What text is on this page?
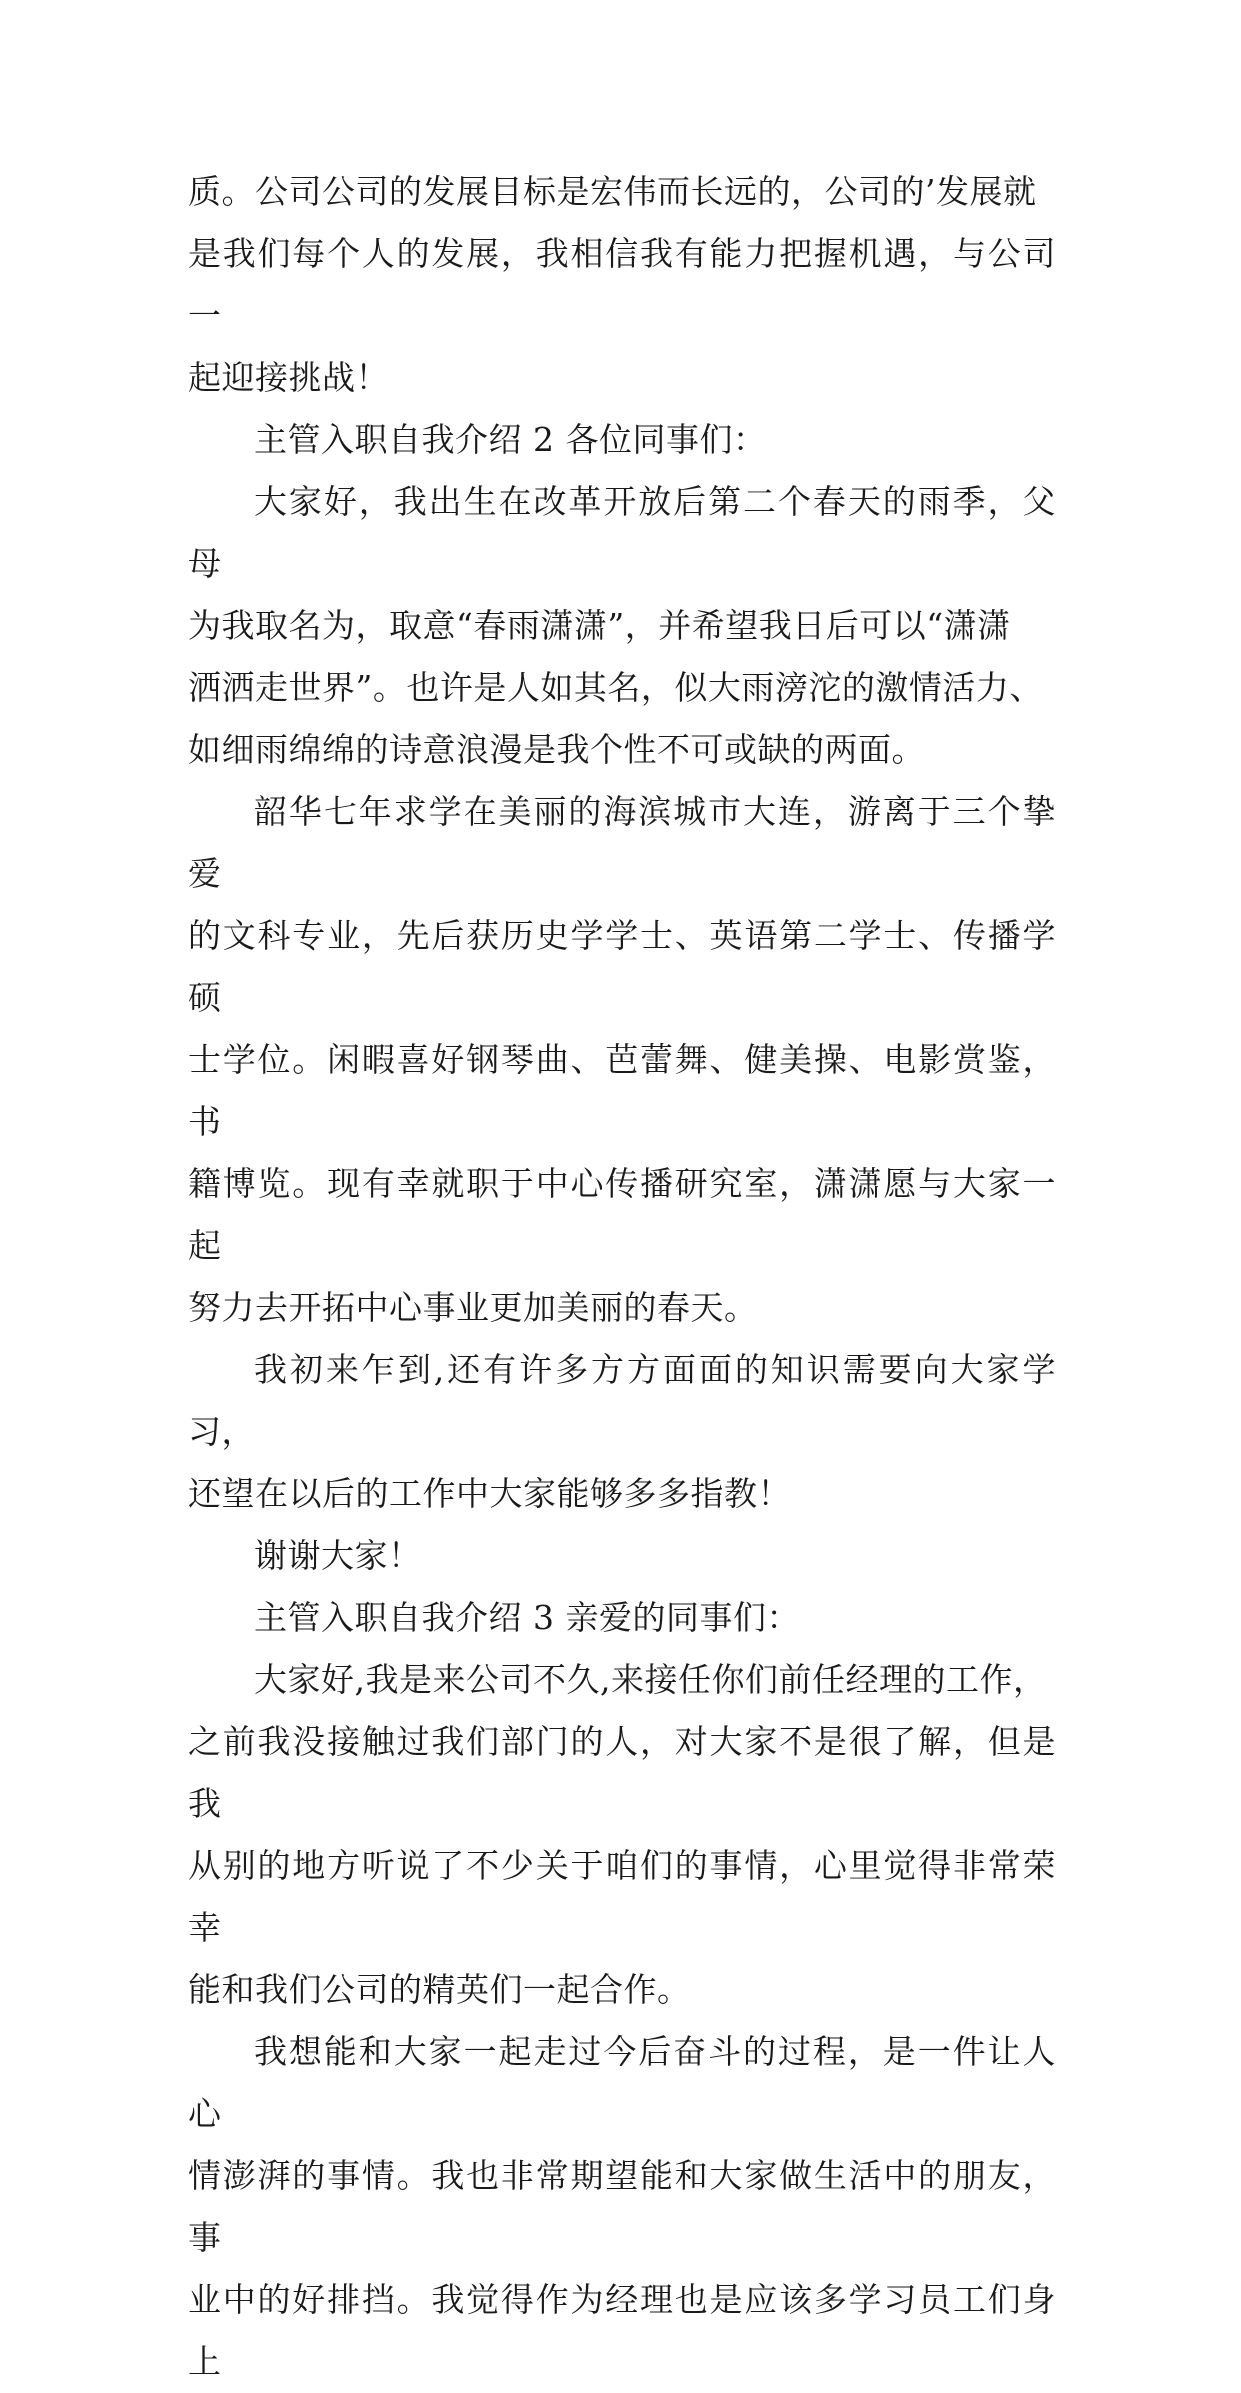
质。公司公司的发展目标是宏伟而长远的，公司的’发展就
是我们每个人的发展，我相信我有能力把握机遇，与公司一
起迎接挑战！

主管入职自我介绍 2 各位同事们：

大家好，我出生在改革开放后第二个春天的雨季，父母
为我取名为，取意“春雨潇潇”，并希望我日后可以“潇潇
洒洒走世界”。也许是人如其名，似大雨滂沱的激情活力、
如细雨绵绵的诗意浪漫是我个性不可或缺的两面。

韶华七年求学在美丽的海滨城市大连，游离于三个挚爱
的文科专业，先后获历史学学士、英语第二学士、传播学硕
士学位。闲暇喜好钢琴曲、芭蕾舞、健美操、电影赏鉴，书
籍博览。现有幸就职于中心传播研究室，潇潇愿与大家一起
努力去开拓中心事业更加美丽的春天。

我初来乍到,还有许多方方面面的知识需要向大家学习，
还望在以后的工作中大家能够多多指教！

谢谢大家！

主管入职自我介绍 3 亲爱的同事们：

大家好,我是来公司不久,来接任你们前任经理的工作，
之前我没接触过我们部门的人，对大家不是很了解，但是我
从别的地方听说了不少关于咱们的事情，心里觉得非常荣幸
能和我们公司的精英们一起合作。

我想能和大家一起走过今后奋斗的过程，是一件让人心
情澎湃的事情。我也非常期望能和大家做生活中的朋友，事
业中的好排挡。我觉得作为经理也是应该多学习员工们身上
